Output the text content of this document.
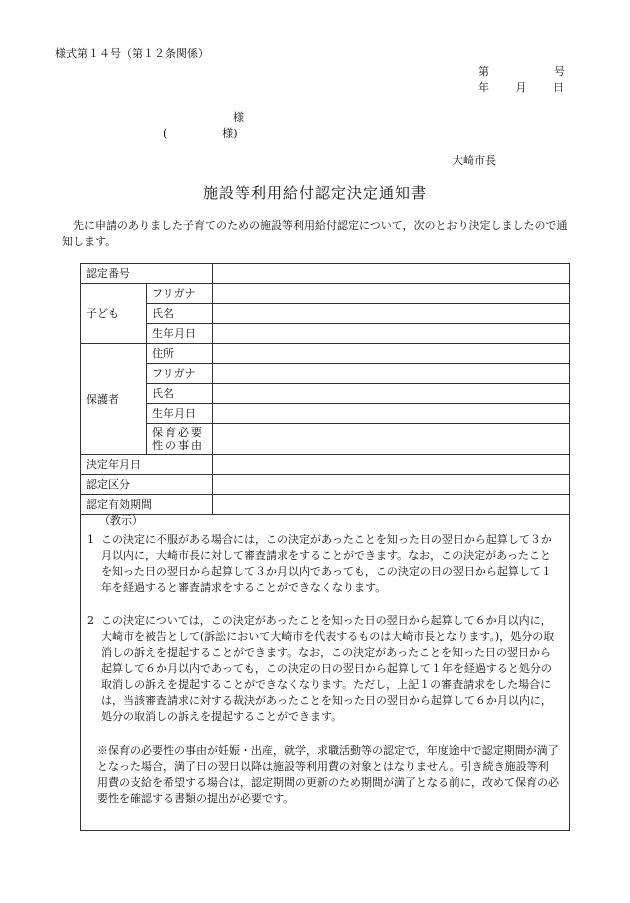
様式第１４号（第１２条関係）
第	号
年 月 日
様
(　　　　　様)
大崎市長
施設等利用給付認定決定通知書
先に申請のありました子育てのための施設等利用給付認定について，次のとおり決定しましたので通知します。
認定番号		
子ども	フリガナ	
	氏名	
	生年月日	
保護者	住所	
	フリガナ	
	氏名	
	生年月日	
	保育必要性の事由	
決定年月日		
認定区分		
認定有効期間		
（教示）
1 この決定に不服がある場合には，この決定があったことを知った日の翌日から起算して３か月以内に，大崎市長に対して審査請求をすることができます。なお，この決定があったことを知った日の翌日から起算して３か月以内であっても，この決定の日の翌日から起算して１年を経過すると審査請求をすることができなくなります。
2 この決定については，この決定があったことを知った日の翌日から起算して６か月以内に，大崎市を被告として(訴訟において大崎市を代表するものは大崎市長となります。)，処分の取消しの訴えを提起することができます。なお，この決定があったことを知った日の翌日から起算して６か月以内であっても，この決定の日の翌日から起算して１年を経過すると処分の取消しの訴えを提起することができなくなります。ただし，上記１の審査請求をした場合には，当該審査請求に対する裁決があったことを知った日の翌日から起算して６か月以内に，処分の取消しの訴えを提起することができます。
※保育の必要性の事由が妊娠・出産，就学，求職活動等の認定で，年度途中で認定期間が満了となった場合，満了日の翌日以降は施設等利用費の対象とはなりません。引き続き施設等利用費の支給を希望する場合は，認定期間の更新のため期間が満了となる前に，改めて保育の必要性を確認する書類の提出が必要です。
